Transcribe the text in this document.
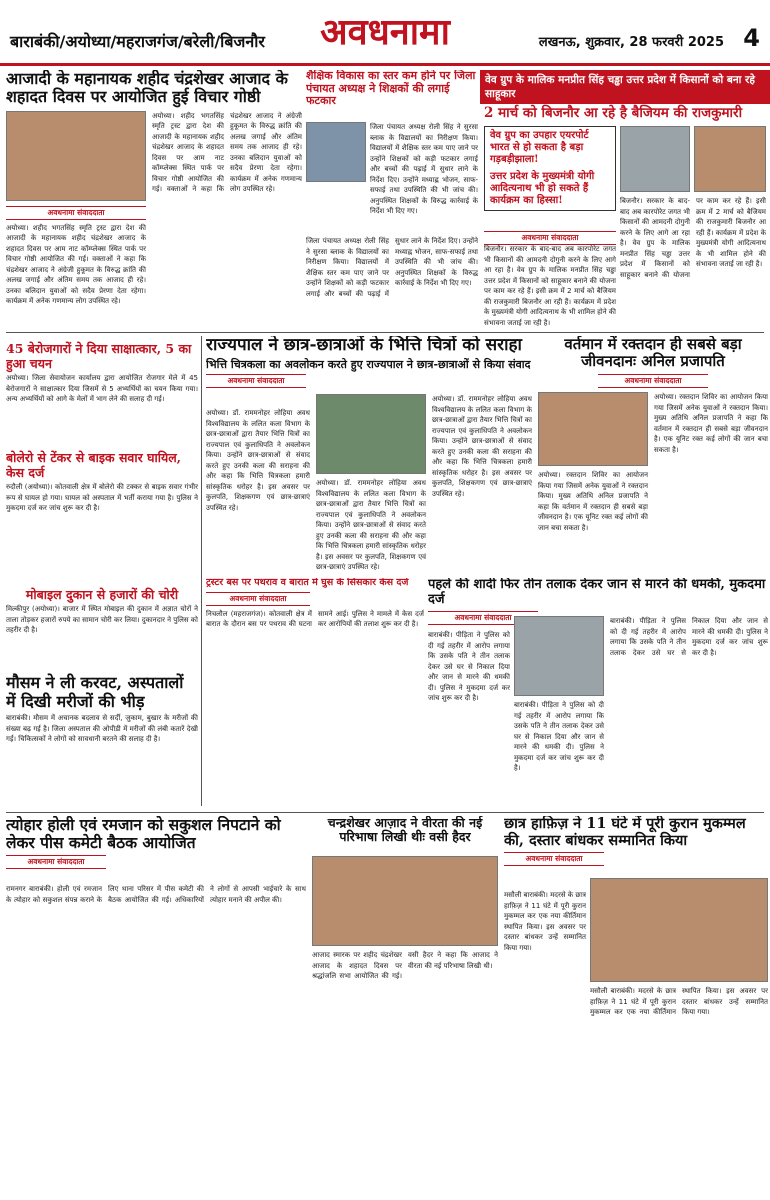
बाराबंकी/अयोध्या/महराजगंज/बरेली/बिजनौर अवधनामा	लखनऊ, शुक्रवार, 28 फरवरी 2025 4
आजादी के महानायक शहीद चंद्रशेखर आजाद के शहादत दिवस पर आयोजित हुई विचार गोष्ठी
अवधनामा संवाददाता
अयोध्या। शहीद भगतसिंह स्मृति ट्रस्ट द्वारा देश की आजादी के महानायक शहीद चंद्रशेखर आजाद के शहादत दिवस पर आम नाट कॉम्प्लेक्स स्थित पार्क पर विचार गोष्ठी आयोजित की गई। वक्ताओं ने कहा कि चंद्रशेखर आजाद ने अंग्रेजी हुकूमत के विरुद्ध क्रांति की अलख जगाई और अंतिम समय तक आजाद ही रहे। उनका बलिदान युवाओं को सदैव प्रेरणा देता रहेगा। कार्यक्रम में अनेक गणमान्य लोग उपस्थित रहे।
अयोध्या। शहीद भगतसिंह स्मृति ट्रस्ट द्वारा देश की आजादी के महानायक शहीद चंद्रशेखर आजाद के शहादत दिवस पर आम नाट कॉम्प्लेक्स स्थित पार्क पर विचार गोष्ठी आयोजित की गई। वक्ताओं ने कहा कि चंद्रशेखर आजाद ने अंग्रेजी हुकूमत के विरुद्ध क्रांति की अलख जगाई और अंतिम समय तक आजाद ही रहे। उनका बलिदान युवाओं को सदैव प्रेरणा देता रहेगा। कार्यक्रम में अनेक गणमान्य लोग उपस्थित रहे।
शैक्षिक विकास का स्तर कम होने पर जिला पंचायत अध्यक्ष ने शिक्षकों की लगाई फटकार
जिला पंचायत अध्यक्ष रोली सिंह ने सुरसा ब्लाक के विद्यालयों का निरीक्षण किया। विद्यालयों में शैक्षिक स्तर कम पाए जाने पर उन्होंने शिक्षकों को कड़ी फटकार लगाई और बच्चों की पढ़ाई में सुधार लाने के निर्देश दिए। उन्होंने मध्याह्न भोजन, साफ-सफाई तथा उपस्थिति की भी जांच की। अनुपस्थित शिक्षकों के विरुद्ध कार्रवाई के निर्देश भी दिए गए।
जिला पंचायत अध्यक्ष रोली सिंह ने सुरसा ब्लाक के विद्यालयों का निरीक्षण किया। विद्यालयों में शैक्षिक स्तर कम पाए जाने पर उन्होंने शिक्षकों को कड़ी फटकार लगाई और बच्चों की पढ़ाई में सुधार लाने के निर्देश दिए। उन्होंने मध्याह्न भोजन, साफ-सफाई तथा उपस्थिति की भी जांच की। अनुपस्थित शिक्षकों के विरुद्ध कार्रवाई के निर्देश भी दिए गए।
वेव ग्रुप के मालिक मनप्रीत सिंह चड्ढा उत्तर प्रदेश में किसानों को बना रहे साहूकार
2 मार्च को बिजनौर आ रहे है बैजियम की राजकुमारी
वेव ग्रुप का उपहार एयरपोर्ट भारत से हो सकता है बड़ा गड़बड़ीझाला!
उत्तर प्रदेश के मुख्यमंत्री योगी आदित्यनाथ भी हो सकते हैं कार्यक्रम का हिस्सा!
अवधनामा संवाददाता
बिजनौर। सरकार के बाद-बाद अब कारपोरेट जगत भी किसानों की आमदनी दोगुनी करने के लिए आगे आ रहा है। वेव ग्रुप के मालिक मनप्रीत सिंह चड्ढा उत्तर प्रदेश में किसानों को साहूकार बनाने की योजना पर काम कर रहे हैं। इसी क्रम में 2 मार्च को बैजियम की राजकुमारी बिजनौर आ रही हैं। कार्यक्रम में प्रदेश के मुख्यमंत्री योगी आदित्यनाथ के भी शामिल होने की संभावना जताई जा रही है।
बिजनौर। सरकार के बाद-बाद अब कारपोरेट जगत भी किसानों की आमदनी दोगुनी करने के लिए आगे आ रहा है। वेव ग्रुप के मालिक मनप्रीत सिंह चड्ढा उत्तर प्रदेश में किसानों को साहूकार बनाने की योजना पर काम कर रहे हैं। इसी क्रम में 2 मार्च को बैजियम की राजकुमारी बिजनौर आ रही हैं। कार्यक्रम में प्रदेश के मुख्यमंत्री योगी आदित्यनाथ के भी शामिल होने की संभावना जताई जा रही है।
45 बेरोजगारों ने दिया साक्षात्कार, 5 का हुआ चयन
अयोध्या। जिला सेवायोजन कार्यालय द्वारा आयोजित रोजगार मेले में 45 बेरोजगारों ने साक्षात्कार दिया जिसमें से 5 अभ्यर्थियों का चयन किया गया। अन्य अभ्यर्थियों को आगे के मेलों में भाग लेने की सलाह दी गई।
बोलेरो से टेंकर से बाइक सवार घायिल, केस दर्ज
रुदौली (अयोध्या)। कोतवाली क्षेत्र में बोलेरो की टक्कर से बाइक सवार गंभीर रूप से घायल हो गया। घायल को अस्पताल में भर्ती कराया गया है। पुलिस ने मुकदमा दर्ज कर जांच शुरू कर दी है।
मोबाइल दुकान से हजारों की चोरी
मिल्कीपुर (अयोध्या)। बाजार में स्थित मोबाइल की दुकान में अज्ञात चोरों ने ताला तोड़कर हजारों रुपये का सामान चोरी कर लिया। दुकानदार ने पुलिस को तहरीर दी है।
मौसम ने ली करवट, अस्पतालों में दिखी मरीजों की भीड़
बाराबंकी। मौसम में अचानक बदलाव से सर्दी, जुकाम, बुखार के मरीजों की संख्या बढ़ गई है। जिला अस्पताल की ओपीडी में मरीजों की लंबी कतारें देखी गईं। चिकित्सकों ने लोगों को सावधानी बरतने की सलाह दी है।
राज्यपाल ने छात्र-छात्राओं के भित्ति चित्रों को सराहा
भित्ति चित्रकला का अवलोकन करते हुए राज्यपाल ने छात्र-छात्राओं से किया संवाद
अवधनामा संवाददाता
अयोध्या। डॉ. राममनोहर लोहिया अवध विश्वविद्यालय के ललित कला विभाग के छात्र-छात्राओं द्वारा तैयार भित्ति चित्रों का राज्यपाल एवं कुलाधिपति ने अवलोकन किया। उन्होंने छात्र-छात्राओं से संवाद करते हुए उनकी कला की सराहना की और कहा कि भित्ति चित्रकला हमारी सांस्कृतिक धरोहर है। इस अवसर पर कुलपति, शिक्षकगण एवं छात्र-छात्राएं उपस्थित रहे।
अयोध्या। डॉ. राममनोहर लोहिया अवध विश्वविद्यालय के ललित कला विभाग के छात्र-छात्राओं द्वारा तैयार भित्ति चित्रों का राज्यपाल एवं कुलाधिपति ने अवलोकन किया। उन्होंने छात्र-छात्राओं से संवाद करते हुए उनकी कला की सराहना की और कहा कि भित्ति चित्रकला हमारी सांस्कृतिक धरोहर है। इस अवसर पर कुलपति, शिक्षकगण एवं छात्र-छात्राएं उपस्थित रहे।
अयोध्या। डॉ. राममनोहर लोहिया अवध विश्वविद्यालय के ललित कला विभाग के छात्र-छात्राओं द्वारा तैयार भित्ति चित्रों का राज्यपाल एवं कुलाधिपति ने अवलोकन किया। उन्होंने छात्र-छात्राओं से संवाद करते हुए उनकी कला की सराहना की और कहा कि भित्ति चित्रकला हमारी सांस्कृतिक धरोहर है। इस अवसर पर कुलपति, शिक्षकगण एवं छात्र-छात्राएं उपस्थित रहे।
ट्रस्टर बस पर पथराव व बारात में घुस के सिसकार केस दर्ज
अवधनामा संवाददाता
निचलौल (महराजगंज)। कोतवाली क्षेत्र में बारात के दौरान बस पर पथराव की घटना सामने आई। पुलिस ने मामले में केस दर्ज कर आरोपियों की तलाश शुरू कर दी है।
वर्तमान में रक्तदान ही सबसे बड़ा जीवनदानः अनिल प्रजापति
अवधनामा संवाददाता
अयोध्या। रक्तदान शिविर का आयोजन किया गया जिसमें अनेक युवाओं ने रक्तदान किया। मुख्य अतिथि अनिल प्रजापति ने कहा कि वर्तमान में रक्तदान ही सबसे बड़ा जीवनदान है। एक यूनिट रक्त कई लोगों की जान बचा सकता है।
अयोध्या। रक्तदान शिविर का आयोजन किया गया जिसमें अनेक युवाओं ने रक्तदान किया। मुख्य अतिथि अनिल प्रजापति ने कहा कि वर्तमान में रक्तदान ही सबसे बड़ा जीवनदान है। एक यूनिट रक्त कई लोगों की जान बचा सकता है।
पहले की शादी फिर तीन तलाक देकर जान से मारने की धमकी, मुकदमा दर्ज
अवधनामा संवाददाता
बाराबंकी। पीड़िता ने पुलिस को दी गई तहरीर में आरोप लगाया कि उसके पति ने तीन तलाक देकर उसे घर से निकाल दिया और जान से मारने की धमकी दी। पुलिस ने मुकदमा दर्ज कर जांच शुरू कर दी है।
बाराबंकी। पीड़िता ने पुलिस को दी गई तहरीर में आरोप लगाया कि उसके पति ने तीन तलाक देकर उसे घर से निकाल दिया और जान से मारने की धमकी दी। पुलिस ने मुकदमा दर्ज कर जांच शुरू कर दी है।
बाराबंकी। पीड़िता ने पुलिस को दी गई तहरीर में आरोप लगाया कि उसके पति ने तीन तलाक देकर उसे घर से निकाल दिया और जान से मारने की धमकी दी। पुलिस ने मुकदमा दर्ज कर जांच शुरू कर दी है।
त्योहार होली एवं रमजान को सकुशल निपटाने को लेकर पीस कमेटी बैठक आयोजित
अवधनामा संवाददाता
रामनगर बाराबंकी। होली एवं रमजान के त्योहार को सकुशल संपन्न कराने के लिए थाना परिसर में पीस कमेटी की बैठक आयोजित की गई। अधिकारियों ने लोगों से आपसी भाईचारे के साथ त्योहार मनाने की अपील की।
चन्द्रशेखर आज़ाद ने वीरता की नई परिभाषा लिखी थीः वसी हैदर
आजाद स्मारक पर शहीद चंद्रशेखर आजाद के शहादत दिवस पर श्रद्धांजलि सभा आयोजित की गई। वसी हैदर ने कहा कि आजाद ने वीरता की नई परिभाषा लिखी थी।
छात्र हाफ़िज़ ने 11 घंटे में पूरी कुरान मुकम्मल की, दस्तार बांधकर सम्मानित किया
अवधनामा संवाददाता
मसौली बाराबंकी। मदरसे के छात्र हाफ़िज़ ने 11 घंटे में पूरी कुरान मुकम्मल कर एक नया कीर्तिमान स्थापित किया। इस अवसर पर दस्तार बांधकर उन्हें सम्मानित किया गया।
मसौली बाराबंकी। मदरसे के छात्र हाफ़िज़ ने 11 घंटे में पूरी कुरान मुकम्मल कर एक नया कीर्तिमान स्थापित किया। इस अवसर पर दस्तार बांधकर उन्हें सम्मानित किया गया।
